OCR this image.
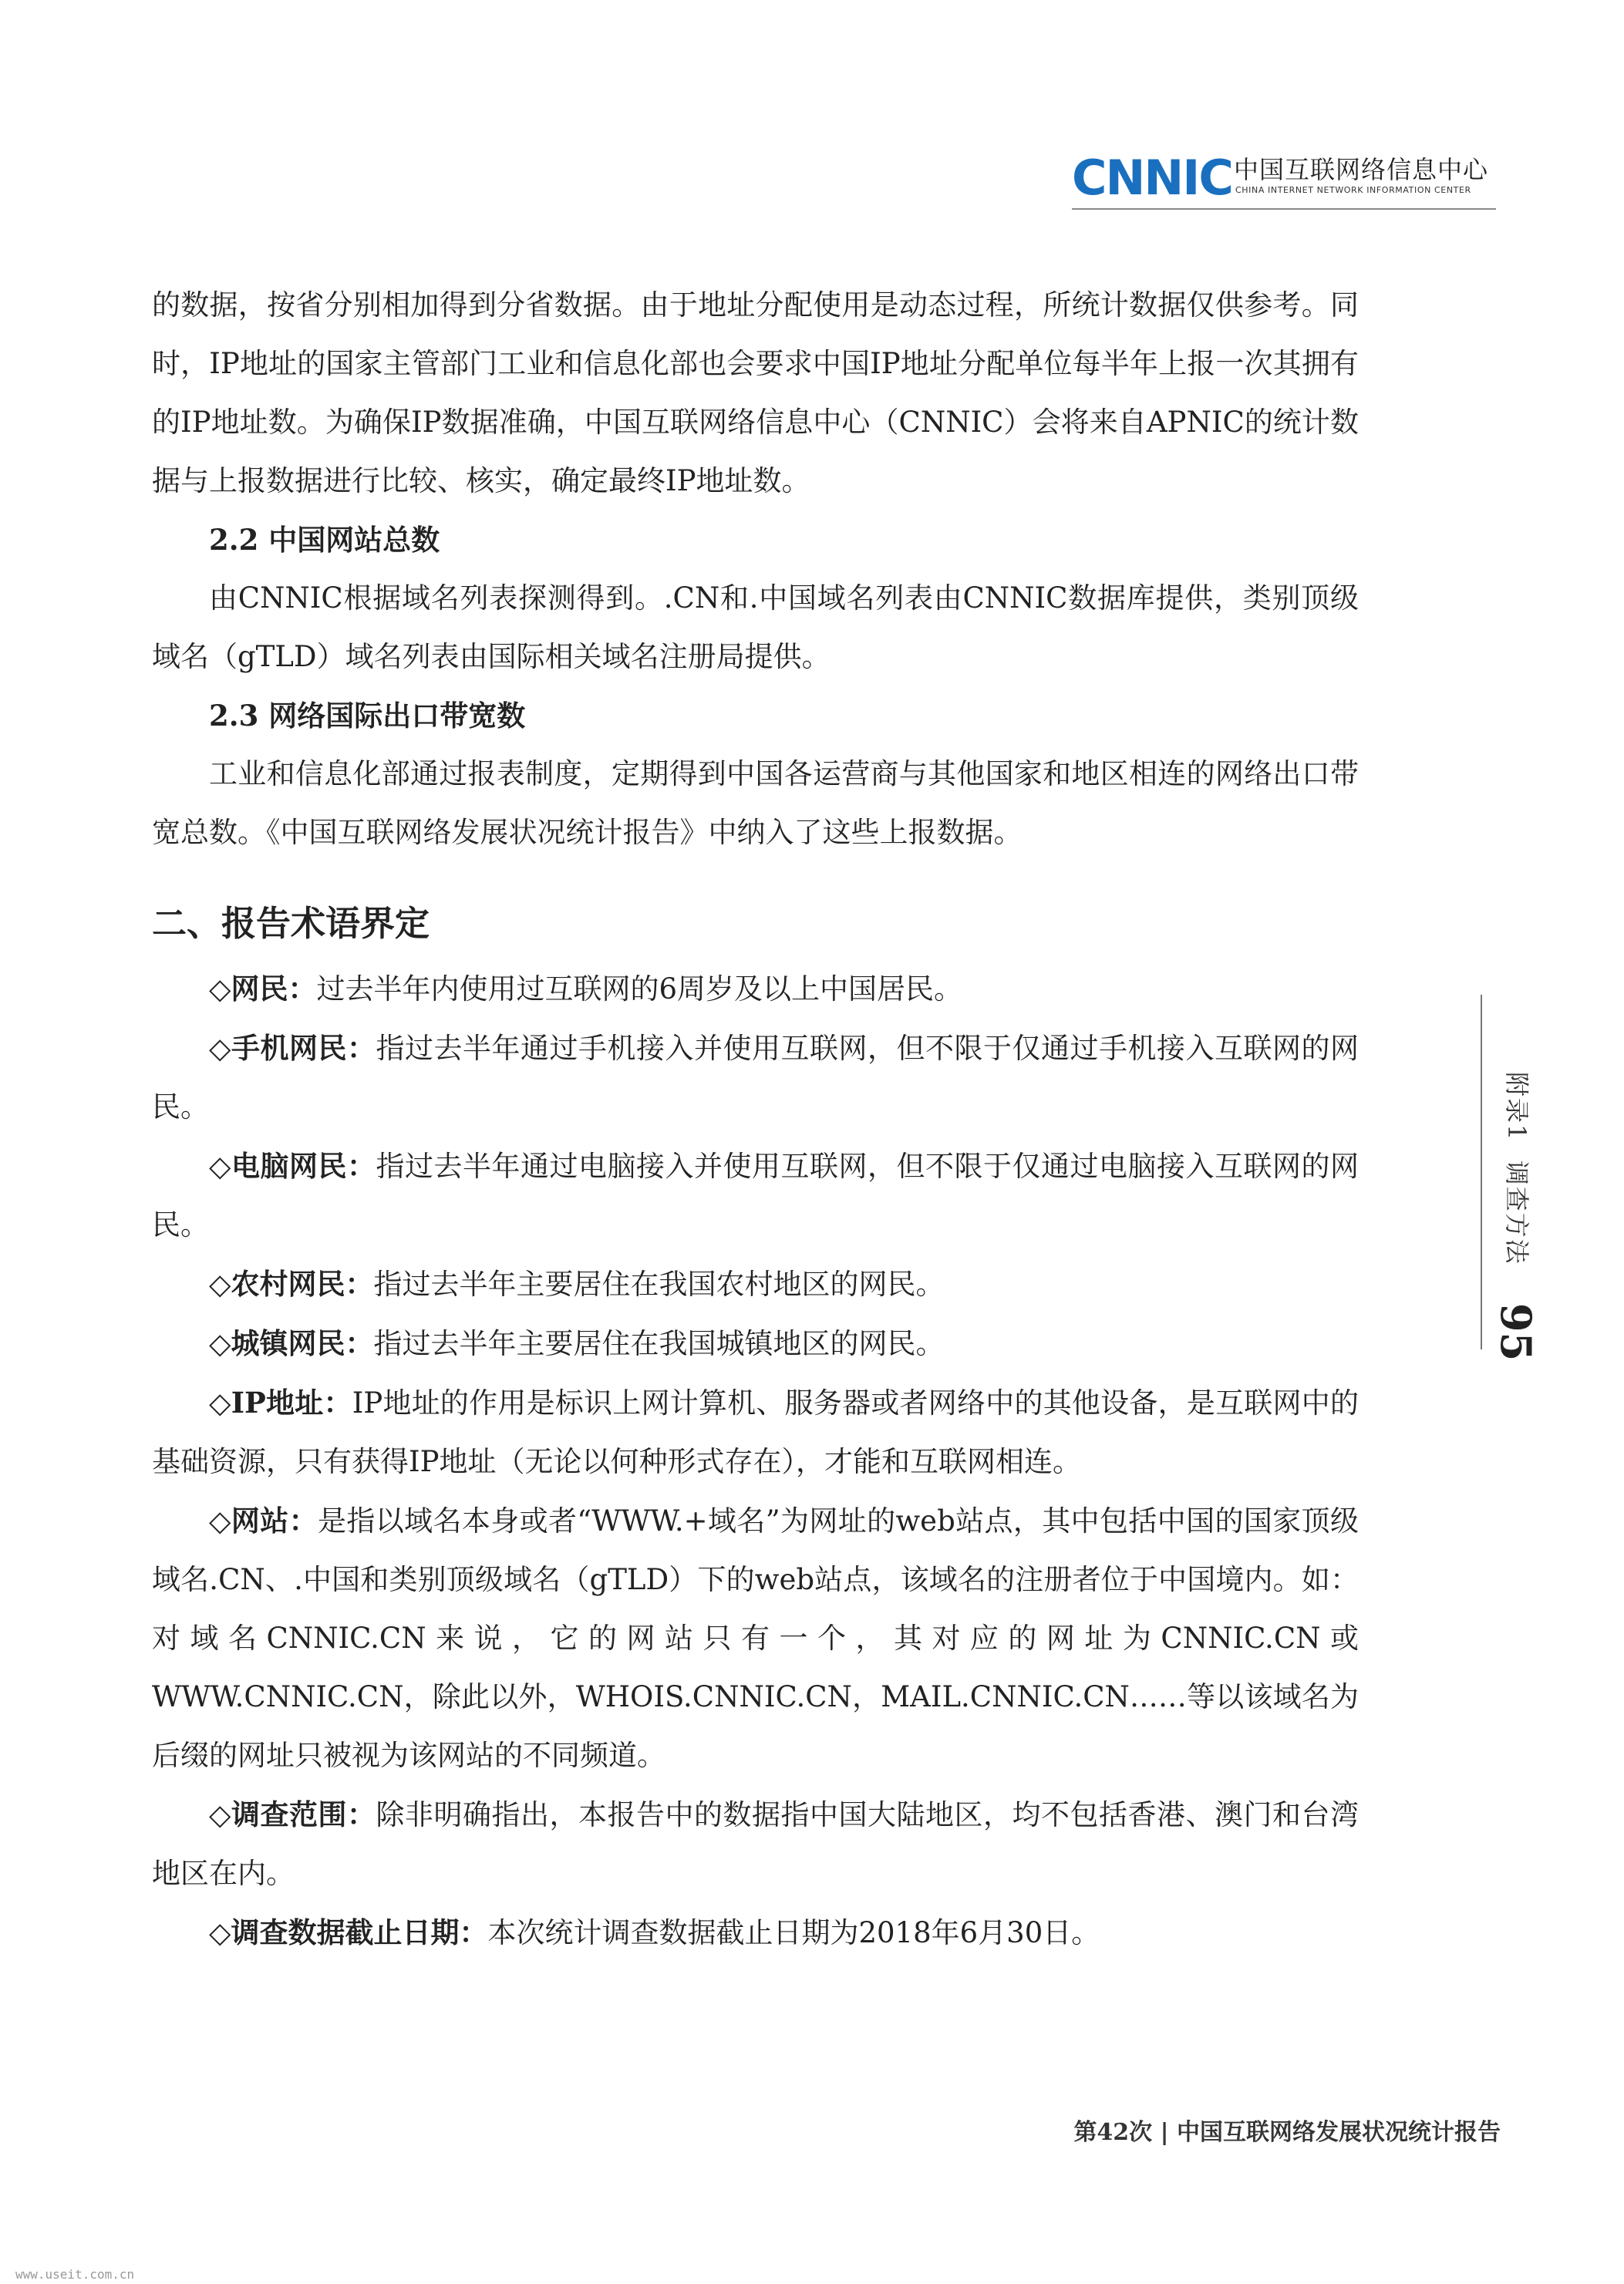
CNNIC 中国互联网络信息中心
CHINA INTERNET NETWORK INFORMATION CENTER

的数据，按省分别相加得到分省数据。由于地址分配使用是动态过程，所统计数据仅供参考。同时，IP地址的国家主管部门工业和信息化部也会要求中国IP地址分配单位每半年上报一次其拥有的IP地址数。为确保IP数据准确，中国互联网络信息中心（CNNIC）会将来自APNIC的统计数据与上报数据进行比较、核实，确定最终IP地址数。

2.2 中国网站总数

由CNNIC根据域名列表探测得到。.CN和.中国域名列表由CNNIC数据库提供，类别顶级域名（gTLD）域名列表由国际相关域名注册局提供。

2.3 网络国际出口带宽数

工业和信息化部通过报表制度，定期得到中国各运营商与其他国家和地区相连的网络出口带宽总数。《中国互联网络发展状况统计报告》中纳入了这些上报数据。

二、报告术语界定

◇网民：过去半年内使用过互联网的6周岁及以上中国居民。

◇手机网民：指过去半年通过手机接入并使用互联网，但不限于仅通过手机接入互联网的网民。

◇电脑网民：指过去半年通过电脑接入并使用互联网，但不限于仅通过电脑接入互联网的网民。

◇农村网民：指过去半年主要居住在我国农村地区的网民。

◇城镇网民：指过去半年主要居住在我国城镇地区的网民。

◇IP地址：IP地址的作用是标识上网计算机、服务器或者网络中的其他设备，是互联网中的基础资源，只有获得IP地址（无论以何种形式存在），才能和互联网相连。

◇网站：是指以域名本身或者“WWW.+域名”为网址的web站点，其中包括中国的国家顶级域名.CN、.中国和类别顶级域名（gTLD）下的web站点，该域名的注册者位于中国境内。如：对域名CNNIC.CN来说，它的网站只有一个，其对应的网址为CNNIC.CN或WWW.CNNIC.CN，除此以外，WHOIS.CNNIC.CN，MAIL.CNNIC.CN……等以该域名为后缀的网址只被视为该网站的不同频道。

◇调查范围：除非明确指出，本报告中的数据指中国大陆地区，均不包括香港、澳门和台湾地区在内。

◇调查数据截止日期：本次统计调查数据截止日期为2018年6月30日。

附录1  调查方法
95
第42次 | 中国互联网络发展状况统计报告
www.useit.com.cn
